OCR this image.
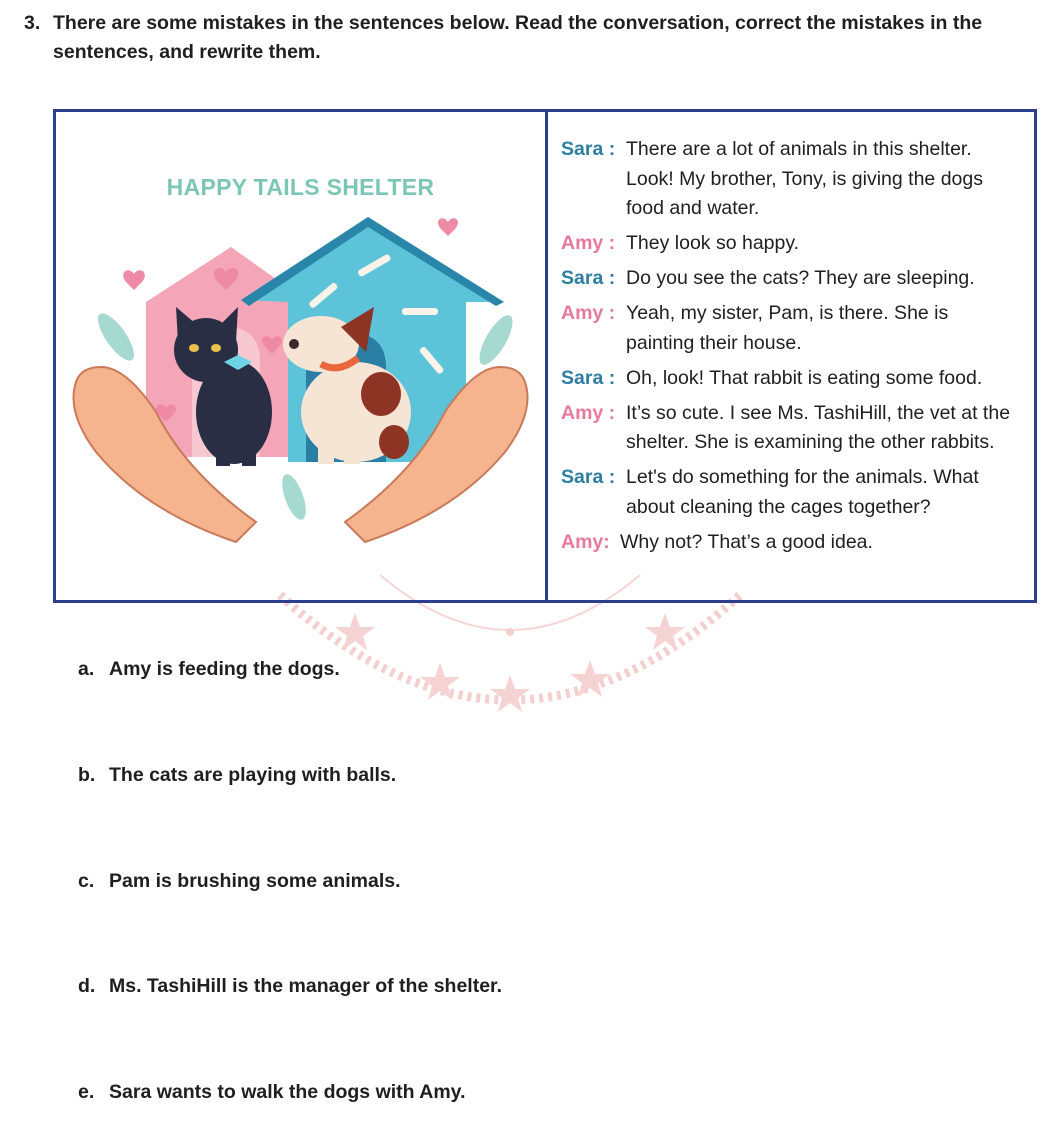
3. There are some mistakes in the sentences below. Read the conversation, correct the mistakes in the sentences, and rewrite them.
HAPPY TAILS SHELTER
Sara : There are a lot of animals in this shelter. Look! My brother, Tony, is giving the dogs food and water.
Amy : They look so happy.
Sara : Do you see the cats? They are sleeping.
Amy : Yeah, my sister, Pam, is there. She is painting their house.
Sara : Oh, look! That rabbit is eating some food.
Amy : It’s so cute. I see Ms. TashiHill, the vet at the shelter. She is examining the other rabbits.
Sara : Let's do something for the animals. What about cleaning the cages together?
Amy: Why not? That’s a good idea.
a. Amy is feeding the dogs.
b. The cats are playing with balls.
c. Pam is brushing some animals.
d. Ms. TashiHill is the manager of the shelter.
e. Sara wants to walk the dogs with Amy.
